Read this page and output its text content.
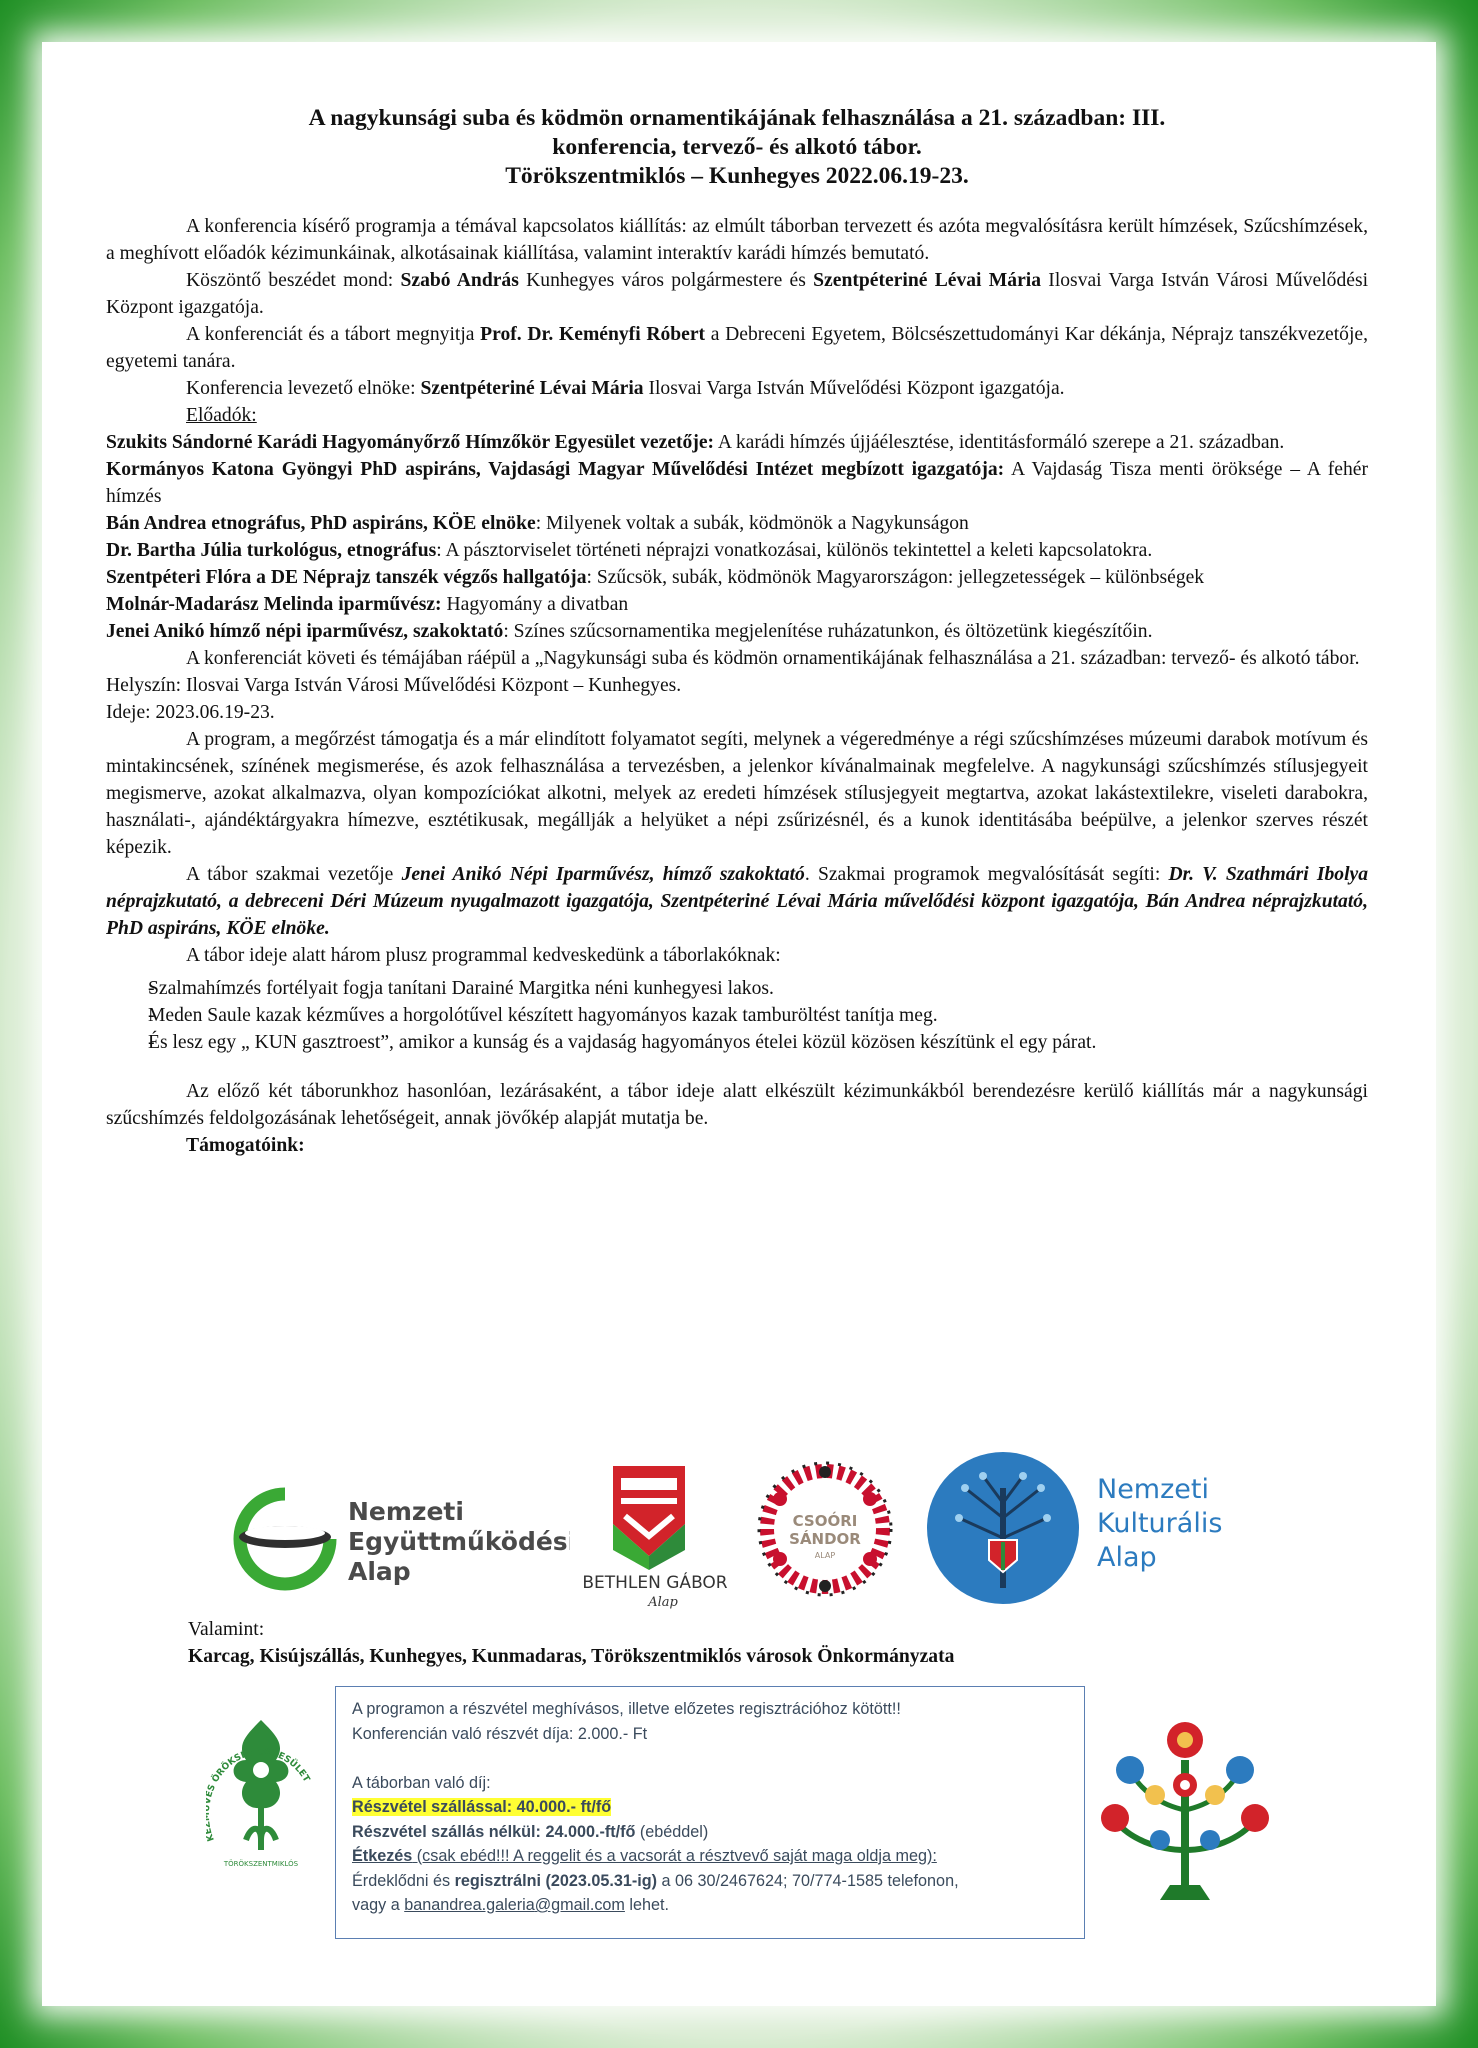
A nagykunsági suba és ködmön ornamentikájának felhasználása a 21. században: III.
konferencia, tervező- és alkotó tábor.
Törökszentmiklós – Kunhegyes 2022.06.19-23.

A konferencia kísérő programja a témával kapcsolatos kiállítás: az elmúlt táborban tervezett és azóta megvalósításra került hímzések, Szűcshímzések, a meghívott előadók kézimunkáinak, alkotásainak kiállítása, valamint interaktív karádi hímzés bemutató.

Köszöntő beszédet mond: Szabó András Kunhegyes város polgármestere és Szentpéteriné Lévai Mária Ilosvai Varga István Városi Művelődési Központ igazgatója.

A konferenciát és a tábort megnyitja Prof. Dr. Keményfi Róbert a Debreceni Egyetem, Bölcsészettudományi Kar dékánja, Néprajz tanszékvezetője, egyetemi tanára.

Konferencia levezető elnöke: Szentpéteriné Lévai Mária Ilosvai Varga István Művelődési Központ igazgatója.

Előadók:

Szukits Sándorné Karádi Hagyományőrző Hímzőkör Egyesület vezetője: A karádi hímzés újjáélesztése, identitásformáló szerepe a 21. században.

Kormányos Katona Gyöngyi PhD aspiráns, Vajdasági Magyar Művelődési Intézet megbízott igazgatója: A Vajdaság Tisza menti öröksége – A fehér hímzés

Bán Andrea etnográfus, PhD aspiráns, KÖE elnöke: Milyenek voltak a subák, ködmönök a Nagykunságon

Dr. Bartha Júlia turkológus, etnográfus: A pásztorviselet történeti néprajzi vonatkozásai, különös tekintettel a keleti kapcsolatokra.

Szentpéteri Flóra a DE Néprajz tanszék végzős hallgatója: Szűcsök, subák, ködmönök Magyarországon: jellegzetességek – különbségek

Molnár-Madarász Melinda iparművész: Hagyomány a divatban

Jenei Anikó hímző népi iparművész, szakoktató: Színes szűcsornamentika megjelenítése ruházatunkon, és öltözetünk kiegészítőin.

A konferenciát követi és témájában ráépül a „Nagykunsági suba és ködmön ornamentikájának felhasználása a 21. században: tervező- és alkotó tábor.

Helyszín: Ilosvai Varga István Városi Művelődési Központ – Kunhegyes.

Ideje: 2023.06.19-23.

A program, a megőrzést támogatja és a már elindított folyamatot segíti, melynek a végeredménye a régi szűcshímzéses múzeumi darabok motívum és mintakincsének, színének megismerése, és azok felhasználása a tervezésben, a jelenkor kívánalmainak megfelelve. A nagykunsági szűcshímzés stílusjegyeit megismerve, azokat alkalmazva, olyan kompozíciókat alkotni, melyek az eredeti hímzések stílusjegyeit megtartva, azokat lakástextilekre, viseleti darabokra, használati-, ajándéktárgyakra hímezve, esztétikusak, megállják a helyüket a népi zsűrizésnél, és a kunok identitásába beépülve, a jelenkor szerves részét képezik.

A tábor szakmai vezetője Jenei Anikó Népi Iparművész, hímző szakoktató. Szakmai programok megvalósítását segíti: Dr. V. Szathmári Ibolya néprajzkutató, a debreceni Déri Múzeum nyugalmazott igazgatója, Szentpéteriné Lévai Mária művelődési központ igazgatója, Bán Andrea néprajzkutató, PhD aspiráns, KÖE elnöke.

A tábor ideje alatt három plusz programmal kedveskedünk a táborlakóknak:

- Szalmahímzés fortélyait fogja tanítani Darainé Margitka néni kunhegyesi lakos.
- Meden Saule kazak kézműves a horgolótűvel készített hagyományos kazak tamburöltést tanítja meg.
- És lesz egy „ KUN gasztroest”, amikor a kunság és a vajdaság hagyományos ételei közül közösen készítünk el egy párat.

Az előző két táborunkhoz hasonlóan, lezárásaként, a tábor ideje alatt elkészült kézimunkákból berendezésre kerülő kiállítás már a nagykunsági szűcshímzés feldolgozásának lehetőségeit, annak jövőkép alapját mutatja be.

Támogatóink:

Nemzeti
Együttműködési
Alap	BETHLEN GÁBOR
Alap
CSOÓRI
SÁNDOR
ALAP
Nemzeti
Kulturális
Alap
Valamint:
Karcag, Kisújszállás, Kunhegyes, Kunmadaras, Törökszentmiklós városok Önkormányzata
K S ÖRÖKSÉG EGYESÜLET
TÖRÖKSZENTMIKLÓS
A programon a részvétel meghívásos, illetve előzetes regisztrációhoz kötött!!
Konferencián való részvét díja: 2.000.- Ft

A táborban való díj:
Részvétel szállással: 40.000.- ft/fő
Részvétel szállás nélkül: 24.000.-ft/fő (ebéddel)
Étkezés (csak ebéd!!! A reggelit és a vacsorát a résztvevő saját maga oldja meg):
Érdeklődni és regisztrálni (2023.05.31-ig) a 06 30/2467624; 70/774-1585 telefonon,
vagy a banandrea.galeria@gmail.com lehet.
